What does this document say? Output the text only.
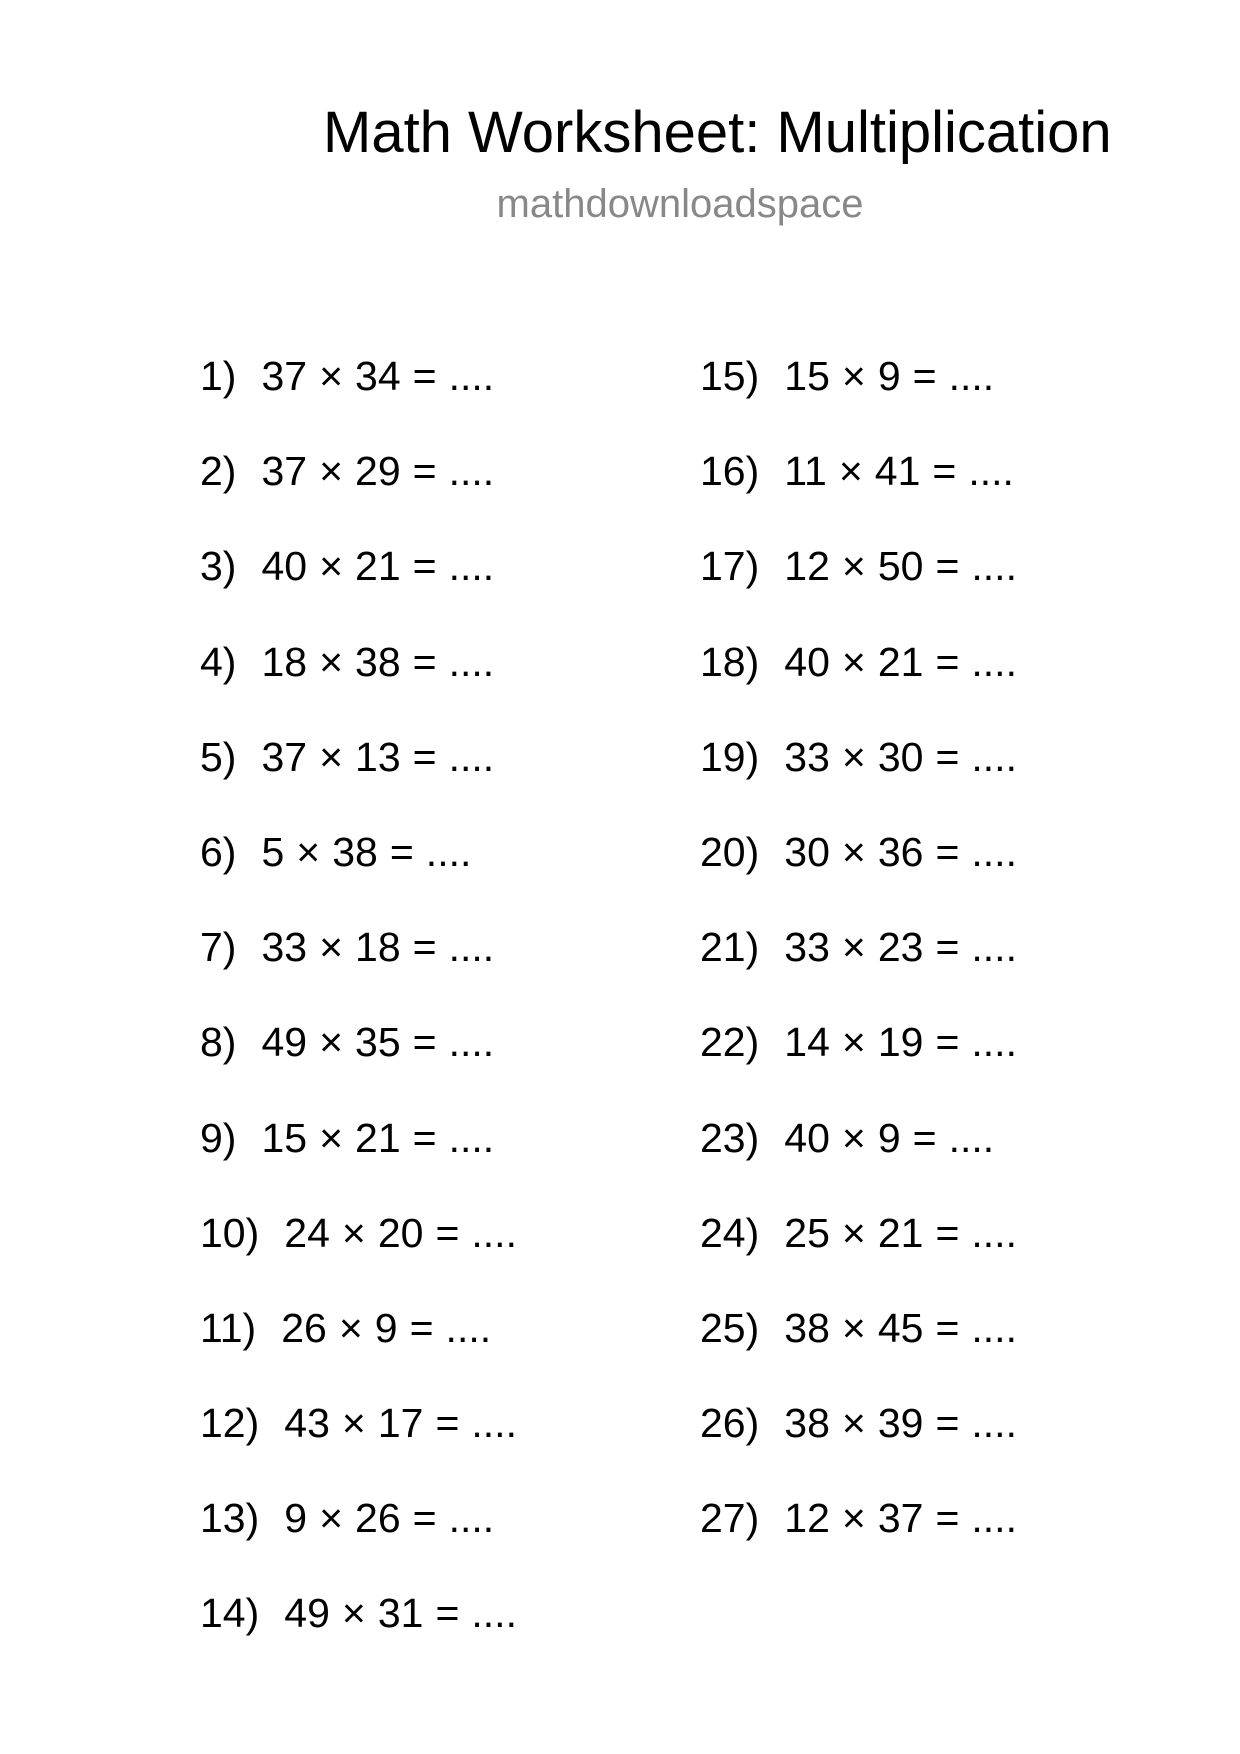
Math Worksheet: Multiplication
mathdownloadspace
1) 37 × 34 = ....
2) 37 × 29 = ....
3) 40 × 21 = ....
4) 18 × 38 = ....
5) 37 × 13 = ....
6) 5 × 38 = ....
7) 33 × 18 = ....
8) 49 × 35 = ....
9) 15 × 21 = ....
10) 24 × 20 = ....
11) 26 × 9 = ....
12) 43 × 17 = ....
13) 9 × 26 = ....
14) 49 × 31 = ....
15) 15 × 9 = ....
16) 11 × 41 = ....
17) 12 × 50 = ....
18) 40 × 21 = ....
19) 33 × 30 = ....
20) 30 × 36 = ....
21) 33 × 23 = ....
22) 14 × 19 = ....
23) 40 × 9 = ....
24) 25 × 21 = ....
25) 38 × 45 = ....
26) 38 × 39 = ....
27) 12 × 37 = ....
